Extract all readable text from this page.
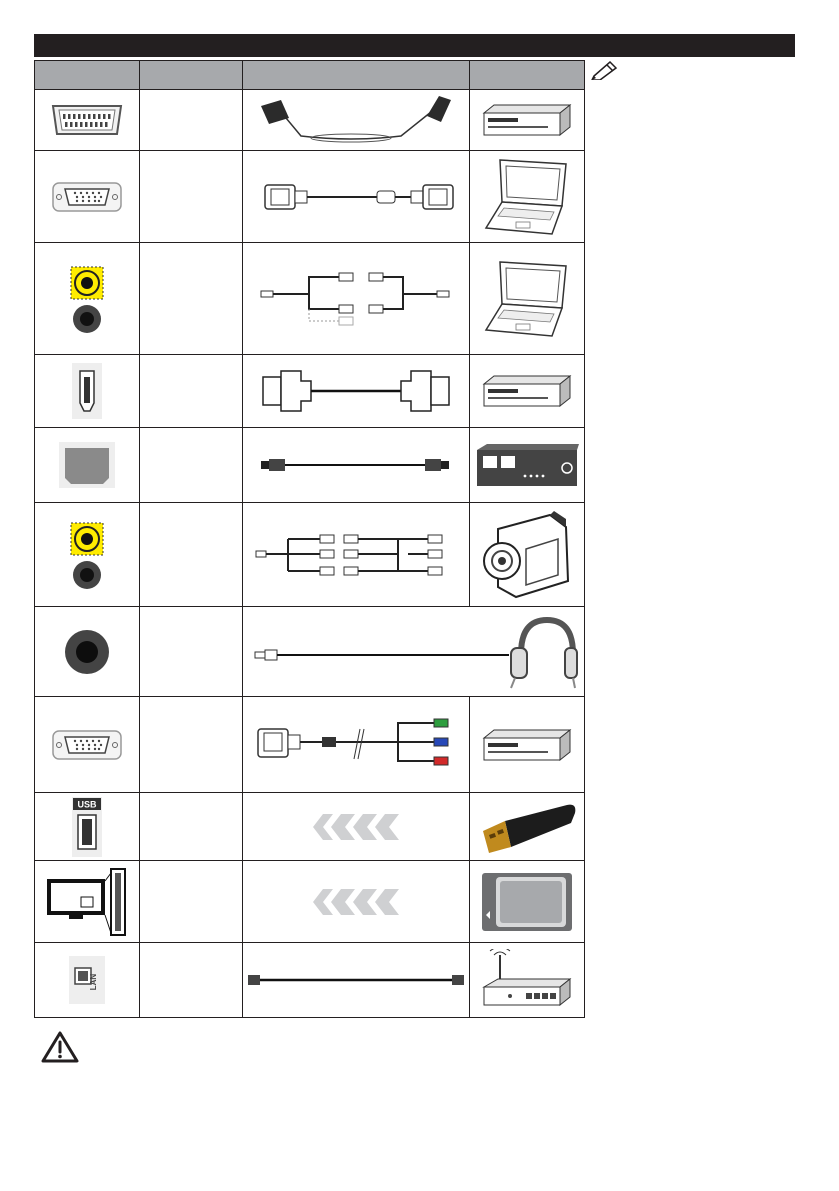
USB

LAN
